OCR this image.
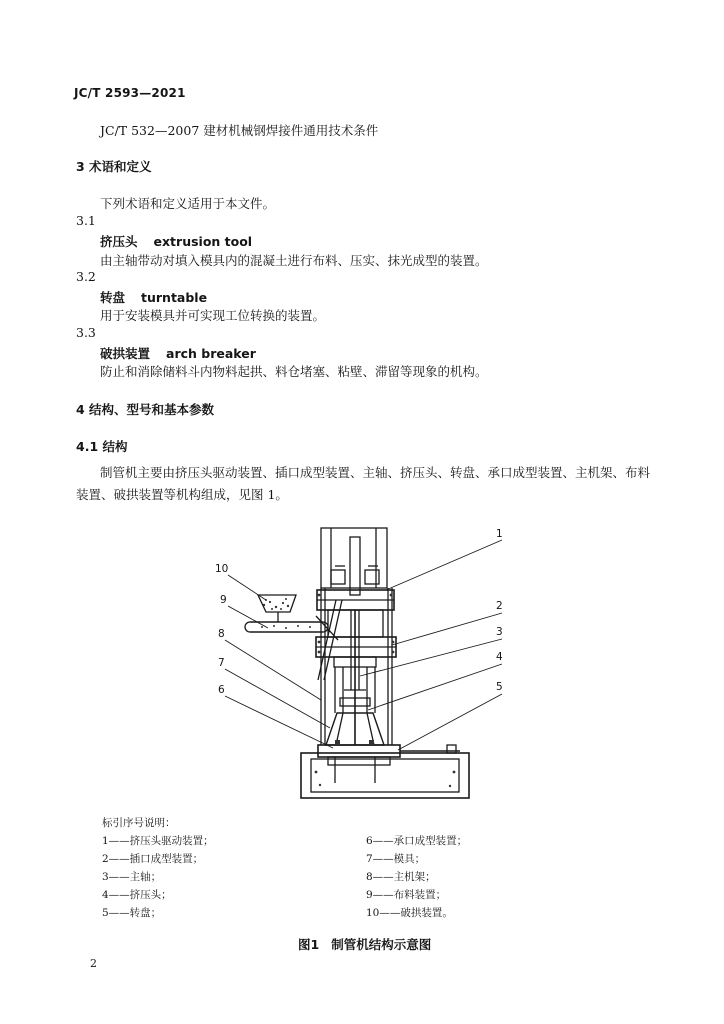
JC/T 2593—2021
JC/T 532—2007 建材机械钢焊接件通用技术条件
3 术语和定义
下列术语和定义适用于本文件。
3.1
挤压头 extrusion tool
由主轴带动对填入模具内的混凝土进行布料、压实、抹光成型的装置。
3.2
转盘 turntable
用于安装模具并可实现工位转换的装置。
3.3
破拱装置 arch breaker
防止和消除储料斗内物料起拱、料仓堵塞、粘壁、滞留等现象的机构。
4 结构、型号和基本参数
4.1 结构
制管机主要由挤压头驱动装置、插口成型装置、主轴、挤压头、转盘、承口成型装置、主机架、布料装置、破拱装置等机构组成，见图 1。
1
2
3
4
5
6
7
8
9
10
标引序号说明：
1——挤压头驱动装置；
2——插口成型装置；
3——主轴；
4——挤压头；
5——转盘；
6——承口成型装置；
7——模具；
8——主机架；
9——布料装置；
10——破拱装置。
图1 制管机结构示意图
2
